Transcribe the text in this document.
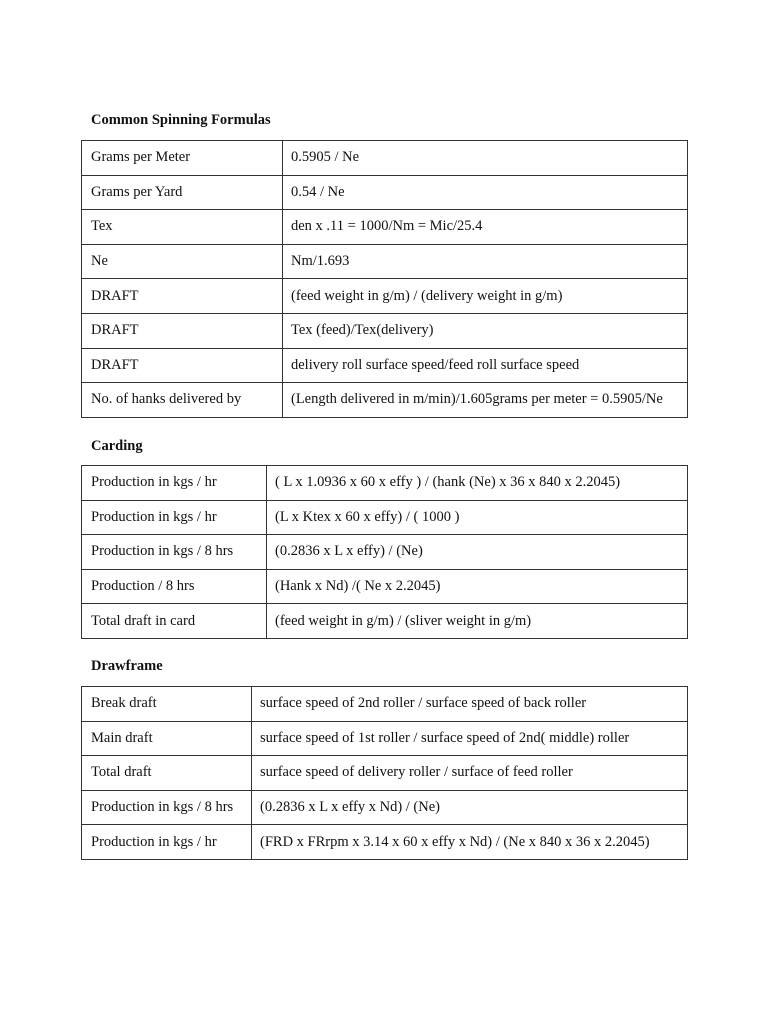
Common Spinning Formulas
Grams per Meter	0.5905 / Ne
Grams per Yard	0.54 / Ne
Tex	den x .11 = 1000/Nm = Mic/25.4
Ne	Nm/1.693
DRAFT	(feed weight in g/m) / (delivery weight in g/m)
DRAFT	Tex (feed)/Tex(delivery)
DRAFT	delivery roll surface speed/feed roll surface speed
No. of hanks delivered by	(Length delivered in m/min)/1.605grams per meter = 0.5905/Ne
Carding
Production in kgs / hr	( L x 1.0936 x 60 x effy ) / (hank (Ne) x 36 x 840 x 2.2045)
Production in kgs / hr	(L x Ktex x 60 x effy) / ( 1000 )
Production in kgs / 8 hrs	(0.2836 x L x effy) / (Ne)
Production / 8 hrs	(Hank x Nd) /( Ne x 2.2045)
Total draft in card	(feed weight in g/m) / (sliver weight in g/m)
Drawframe
Break draft	surface speed of 2nd roller / surface speed of back roller
Main draft	surface speed of 1st roller / surface speed of 2nd( middle) roller
Total draft	surface speed of delivery roller / surface of feed roller
Production in kgs / 8 hrs	(0.2836 x L x effy x Nd) / (Ne)
Production in kgs / hr	(FRD x FRrpm x 3.14 x 60 x effy x Nd) / (Ne x 840 x 36 x 2.2045)
